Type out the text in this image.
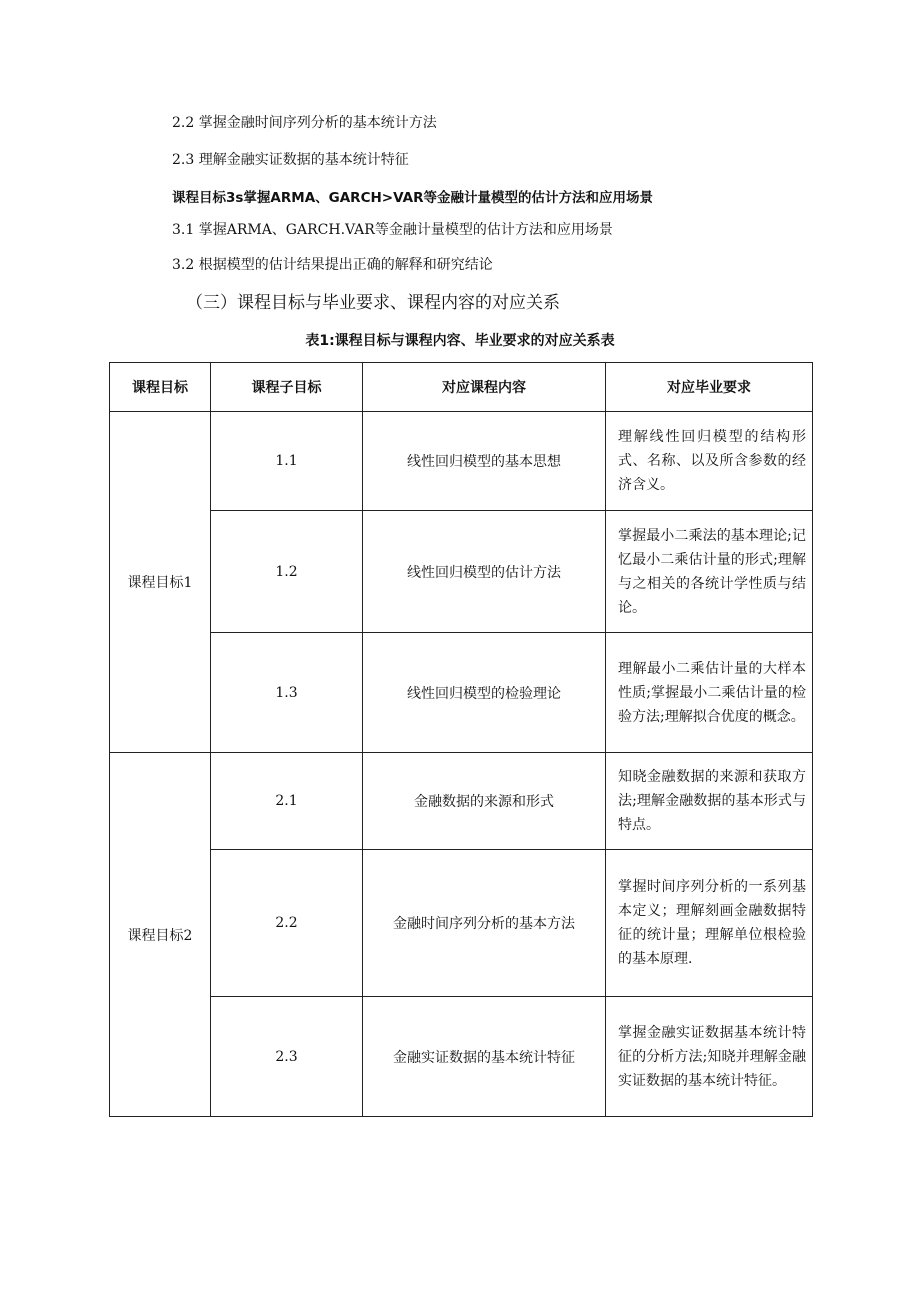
2.2 掌握金融时间序列分析的基本统计方法
2.3 理解金融实证数据的基本统计特征
课程目标3s掌握ARMA、GARCH>VAR等金融计量模型的估计方法和应用场景
3.1 掌握ARMA、GARCH.VAR等金融计量模型的估计方法和应用场景
3.2 根据模型的估计结果提出正确的解释和研究结论
（三）课程目标与毕业要求、课程内容的对应关系
表1:课程目标与课程内容、毕业要求的对应关系表
课程目标	课程子目标	对应课程内容	对应毕业要求
课程目标1	1.1	线性回归模型的基本思想	理解线性回归模型的结构形式、名称、以及所含参数的经济含义。
	1.2	线性回归模型的估计方法	掌握最小二乘法的基本理论;记忆最小二乘估计量的形式;理解与之相关的各统计学性质与结论。
	1.3	线性回归模型的检验理论	理解最小二乘估计量的大样本性质;掌握最小二乘估计量的检验方法;理解拟合优度的概念。
课程目标2	2.1	金融数据的来源和形式	知晓金融数据的来源和获取方法;理解金融数据的基本形式与特点。
	2.2	金融时间序列分析的基本方法	掌握时间序列分析的一系列基本定义；理解刻画金融数据特征的统计量；理解单位根检验的基本原理.
	2.3	金融实证数据的基本统计特征	掌握金融实证数据基本统计特征的分析方法;知晓并理解金融实证数据的基本统计特征。
